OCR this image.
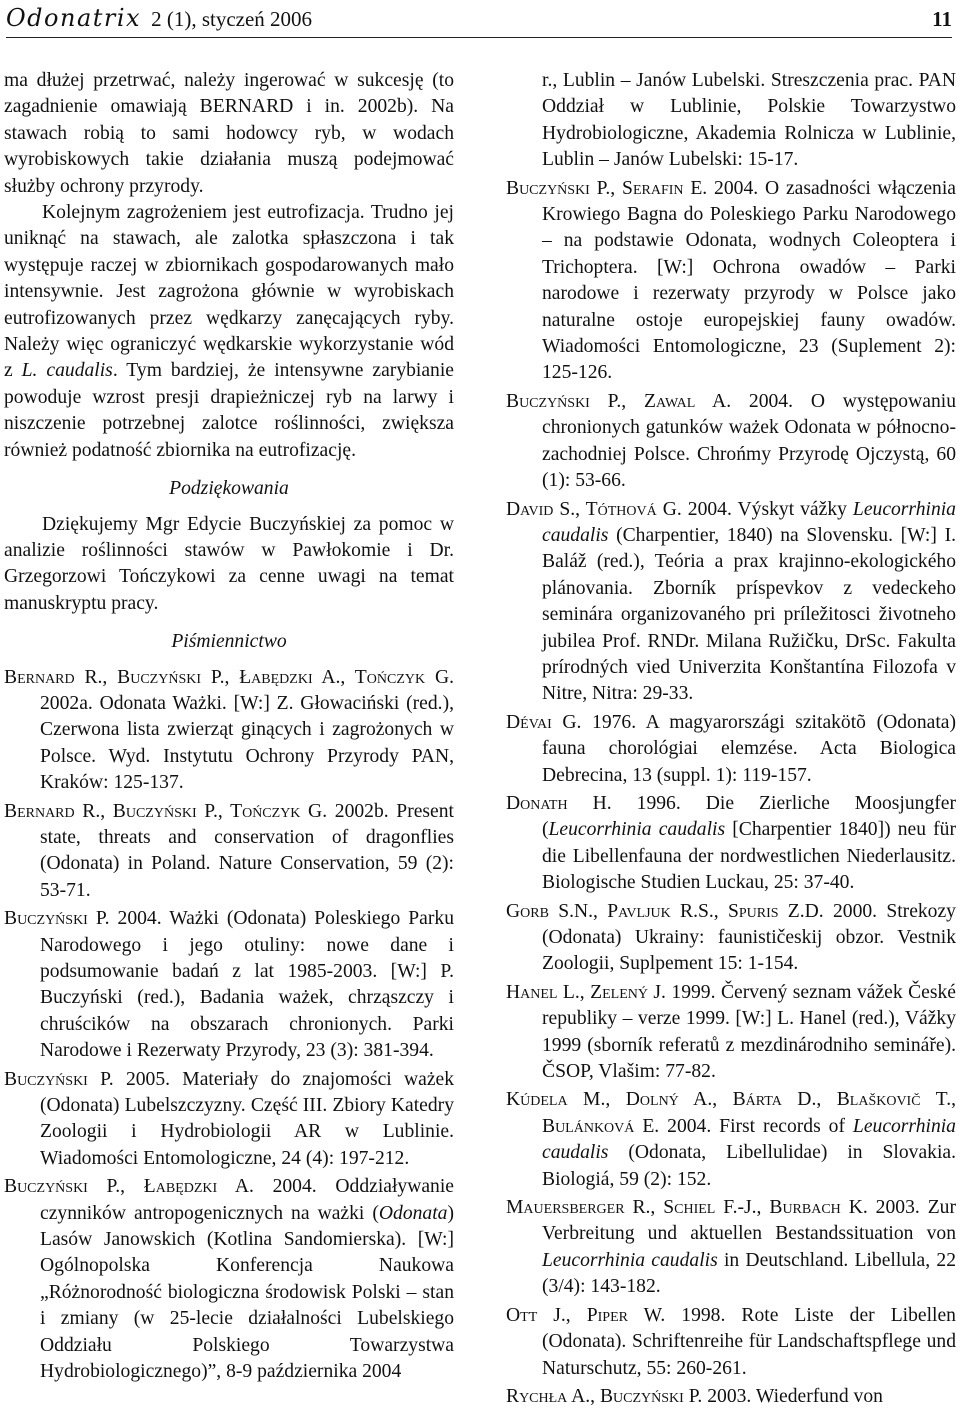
Odonatrix 2 (1), styczeń 2006	11

ma dłużej przetrwać, należy ingerować w sukcesję (to zagadnienie omawiają BERNARD i in. 2002b). Na stawach robią to sami hodowcy ryb, w wodach wyrobiskowych takie działania muszą podejmować służby ochrony przyrody.

Kolejnym zagrożeniem jest eutrofizacja. Trudno jej uniknąć na stawach, ale zalotka spłaszczona i tak występuje raczej w zbiornikach gospodarowanych mało intensywnie. Jest zagrożona głównie w wyrobiskach eutrofizowanych przez wędkarzy zanęcających ryby. Należy więc ograniczyć wędkarskie wykorzystanie wód z L. caudalis. Tym bardziej, że intensywne zarybianie powoduje wzrost presji drapieżniczej ryb na larwy i niszczenie potrzebnej zalotce roślinności, zwiększa również podatność zbiornika na eutrofizację.

Podziękowania

Dziękujemy Mgr Edycie Buczyńskiej za pomoc w analizie roślinności stawów w Pawłokomie i Dr. Grzegorzowi Tończykowi za cenne uwagi na temat manuskryptu pracy.

Piśmiennictwo

Bernard R., Buczyński P., Łabędzki A., Tończyk G. 2002a. Odonata Ważki. [W:] Z. Głowaciński (red.), Czerwona lista zwierząt ginących i zagrożonych w Polsce. Wyd. Instytutu Ochrony Przyrody PAN, Kraków: 125-137.

Bernard R., Buczyński P., Tończyk G. 2002b. Present state, threats and conservation of dragonflies (Odonata) in Poland. Nature Conservation, 59 (2): 53-71.

Buczyński P. 2004. Ważki (Odonata) Poleskiego Parku Narodowego i jego otuliny: nowe dane i podsumowanie badań z lat 1985-2003. [W:] P. Buczyński (red.), Badania ważek, chrząszczy i chruścików na obszarach chronionych. Parki Narodowe i Rezerwaty Przyrody, 23 (3): 381-394.

Buczyński P. 2005. Materiały do znajomości ważek (Odonata) Lubelszczyzny. Część III. Zbiory Katedry Zoologii i Hydrobiologii AR w Lublinie. Wiadomości Entomologiczne, 24 (4): 197-212.

Buczyński P., Łabędzki A. 2004. Oddziaływanie czynników antropogenicznych na ważki (Odonata) Lasów Janowskich (Kotlina Sandomierska). [W:] Ogólnopolska Konferencja Naukowa „Różnorodność biologiczna środowisk Polski – stan i zmiany (w 25-lecie działalności Lubelskiego Oddziału Polskiego Towarzystwa Hydrobiologicznego)”, 8-9 października 2004

r., Lublin – Janów Lubelski. Streszczenia prac. PAN Oddział w Lublinie, Polskie Towarzystwo Hydrobiologiczne, Akademia Rolnicza w Lublinie, Lublin – Janów Lubelski: 15-17.

Buczyński P., Serafin E. 2004. O zasadności włączenia Krowiego Bagna do Poleskiego Parku Narodowego – na podstawie Odonata, wodnych Coleoptera i Trichoptera. [W:] Ochrona owadów – Parki narodowe i rezerwaty przyrody w Polsce jako naturalne ostoje europejskiej fauny owadów. Wiadomości Entomologiczne, 23 (Suplement 2): 125-126.

Buczyński P., Zawal A. 2004. O występowaniu chronionych gatunków ważek Odonata w północno-zachodniej Polsce. Chrońmy Przyrodę Ojczystą, 60 (1): 53-66.

David S., Tóthová G. 2004. Výskyt vážky Leucorrhinia caudalis (Charpentier, 1840) na Slovensku. [W:] I. Baláž (red.), Teória a prax krajinno-ekologického plánovania. Zborník príspevkov z vedeckeho seminára organizovaného pri príležitosci životneho jubilea Prof. RNDr. Milana Ružičku, DrSc. Fakulta prírodných vied Univerzita Konštantína Filozofa v Nitre, Nitra: 29-33.

Dévai G. 1976. A magyarországi szitakötõ (Odonata) fauna chorológiai elemzése. Acta Biologica Debrecina, 13 (suppl. 1): 119-157.

Donath H. 1996. Die Zierliche Moosjungfer (Leucorrhinia caudalis [Charpentier 1840]) neu für die Libellenfauna der nordwestlichen Niederlausitz. Biologische Studien Luckau, 25: 37-40.

Gorb S.N., Pavljuk R.S., Spuris Z.D. 2000. Strekozy (Odonata) Ukrainy: faunističeskij obzor. Vestnik Zoologii, Suplpement 15: 1-154.

Hanel L., Zelený J. 1999. Červený seznam vážek České republiky – verze 1999. [W:] L. Hanel (red.), Vážky 1999 (sborník referatů z mezdinárodniho semináře). ČSOP, Vlašim: 77-82.

Kúdela M., Dolný A., Bárta D., Blaškovič T., Bulánková E. 2004. First records of Leucorrhinia caudalis (Odonata, Libellulidae) in Slovakia. Biologiá, 59 (2): 152.

Mauersberger R., Schiel F.-J., Burbach K. 2003. Zur Verbreitung und aktuellen Bestandssituation von Leucorrhinia caudalis in Deutschland. Libellula, 22 (3/4): 143-182.

Ott J., Piper W. 1998. Rote Liste der Libellen (Odonata). Schriftenreihe für Landschaftspflege und Naturschutz, 55: 260-261.

Rychła A., Buczyński P. 2003. Wiederfund von
